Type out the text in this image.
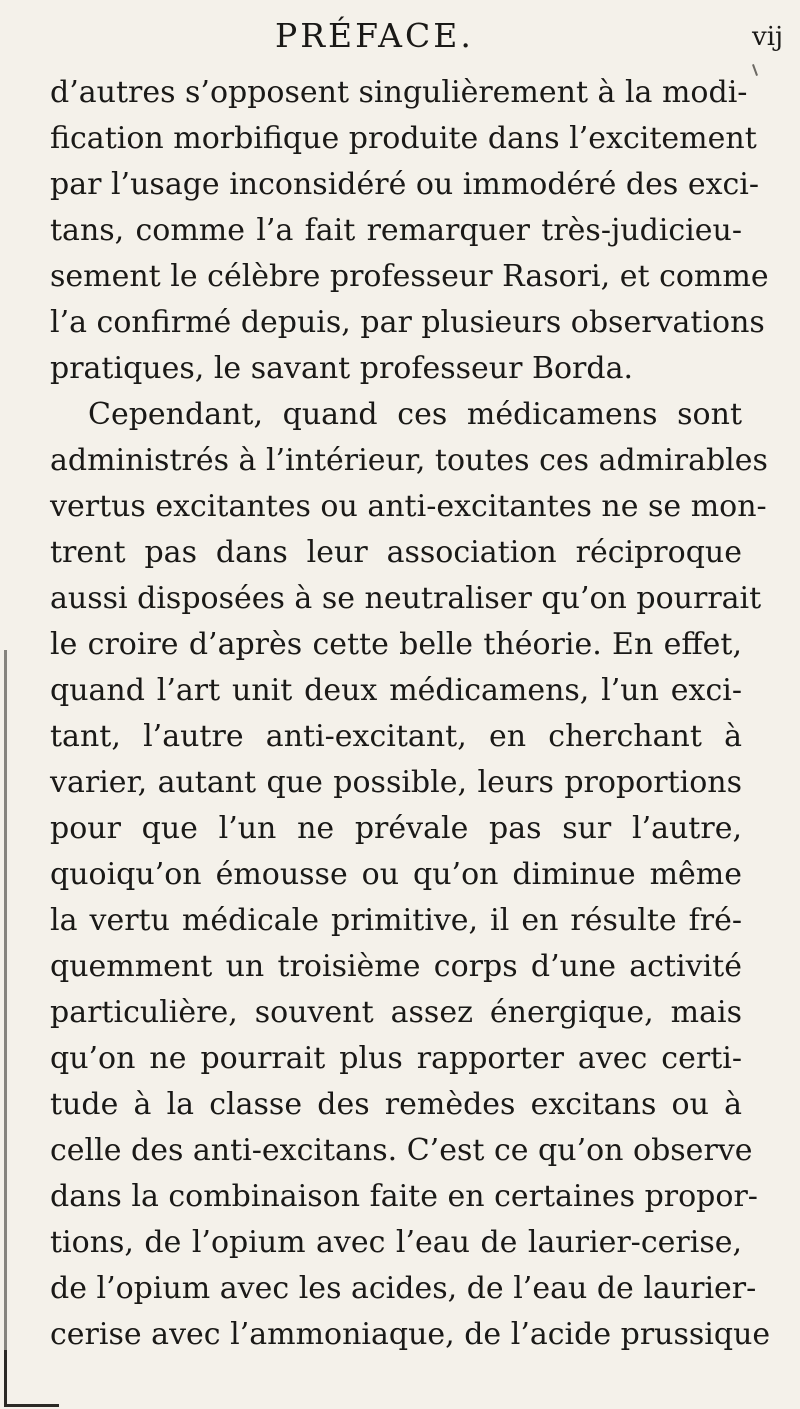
PRÉFACE.	vij
d’autres s’opposent singulièrement à la modi-
fication morbifique produite dans l’excitement
par l’usage inconsidéré ou immodéré des exci-
tans, comme l’a fait remarquer très-judicieu-
sement le célèbre professeur Rasori, et comme
l’a confirmé depuis, par plusieurs observations
pratiques, le savant professeur Borda.
Cependant, quand ces médicamens sont
administrés à l’intérieur, toutes ces admirables
vertus excitantes ou anti-excitantes ne se mon-
trent pas dans leur association réciproque
aussi disposées à se neutraliser qu’on pourrait
le croire d’après cette belle théorie. En effet,
quand l’art unit deux médicamens, l’un exci-
tant, l’autre anti-excitant, en cherchant à
varier, autant que possible, leurs proportions
pour que l’un ne prévale pas sur l’autre,
quoiqu’on émousse ou qu’on diminue même
la vertu médicale primitive, il en résulte fré-
quemment un troisième corps d’une activité
particulière, souvent assez énergique, mais
qu’on ne pourrait plus rapporter avec certi-
tude à la classe des remèdes excitans ou à
celle des anti-excitans. C’est ce qu’on observe
dans la combinaison faite en certaines propor-
tions, de l’opium avec l’eau de laurier-cerise,
de l’opium avec les acides, de l’eau de laurier-
cerise avec l’ammoniaque, de l’acide prussique
